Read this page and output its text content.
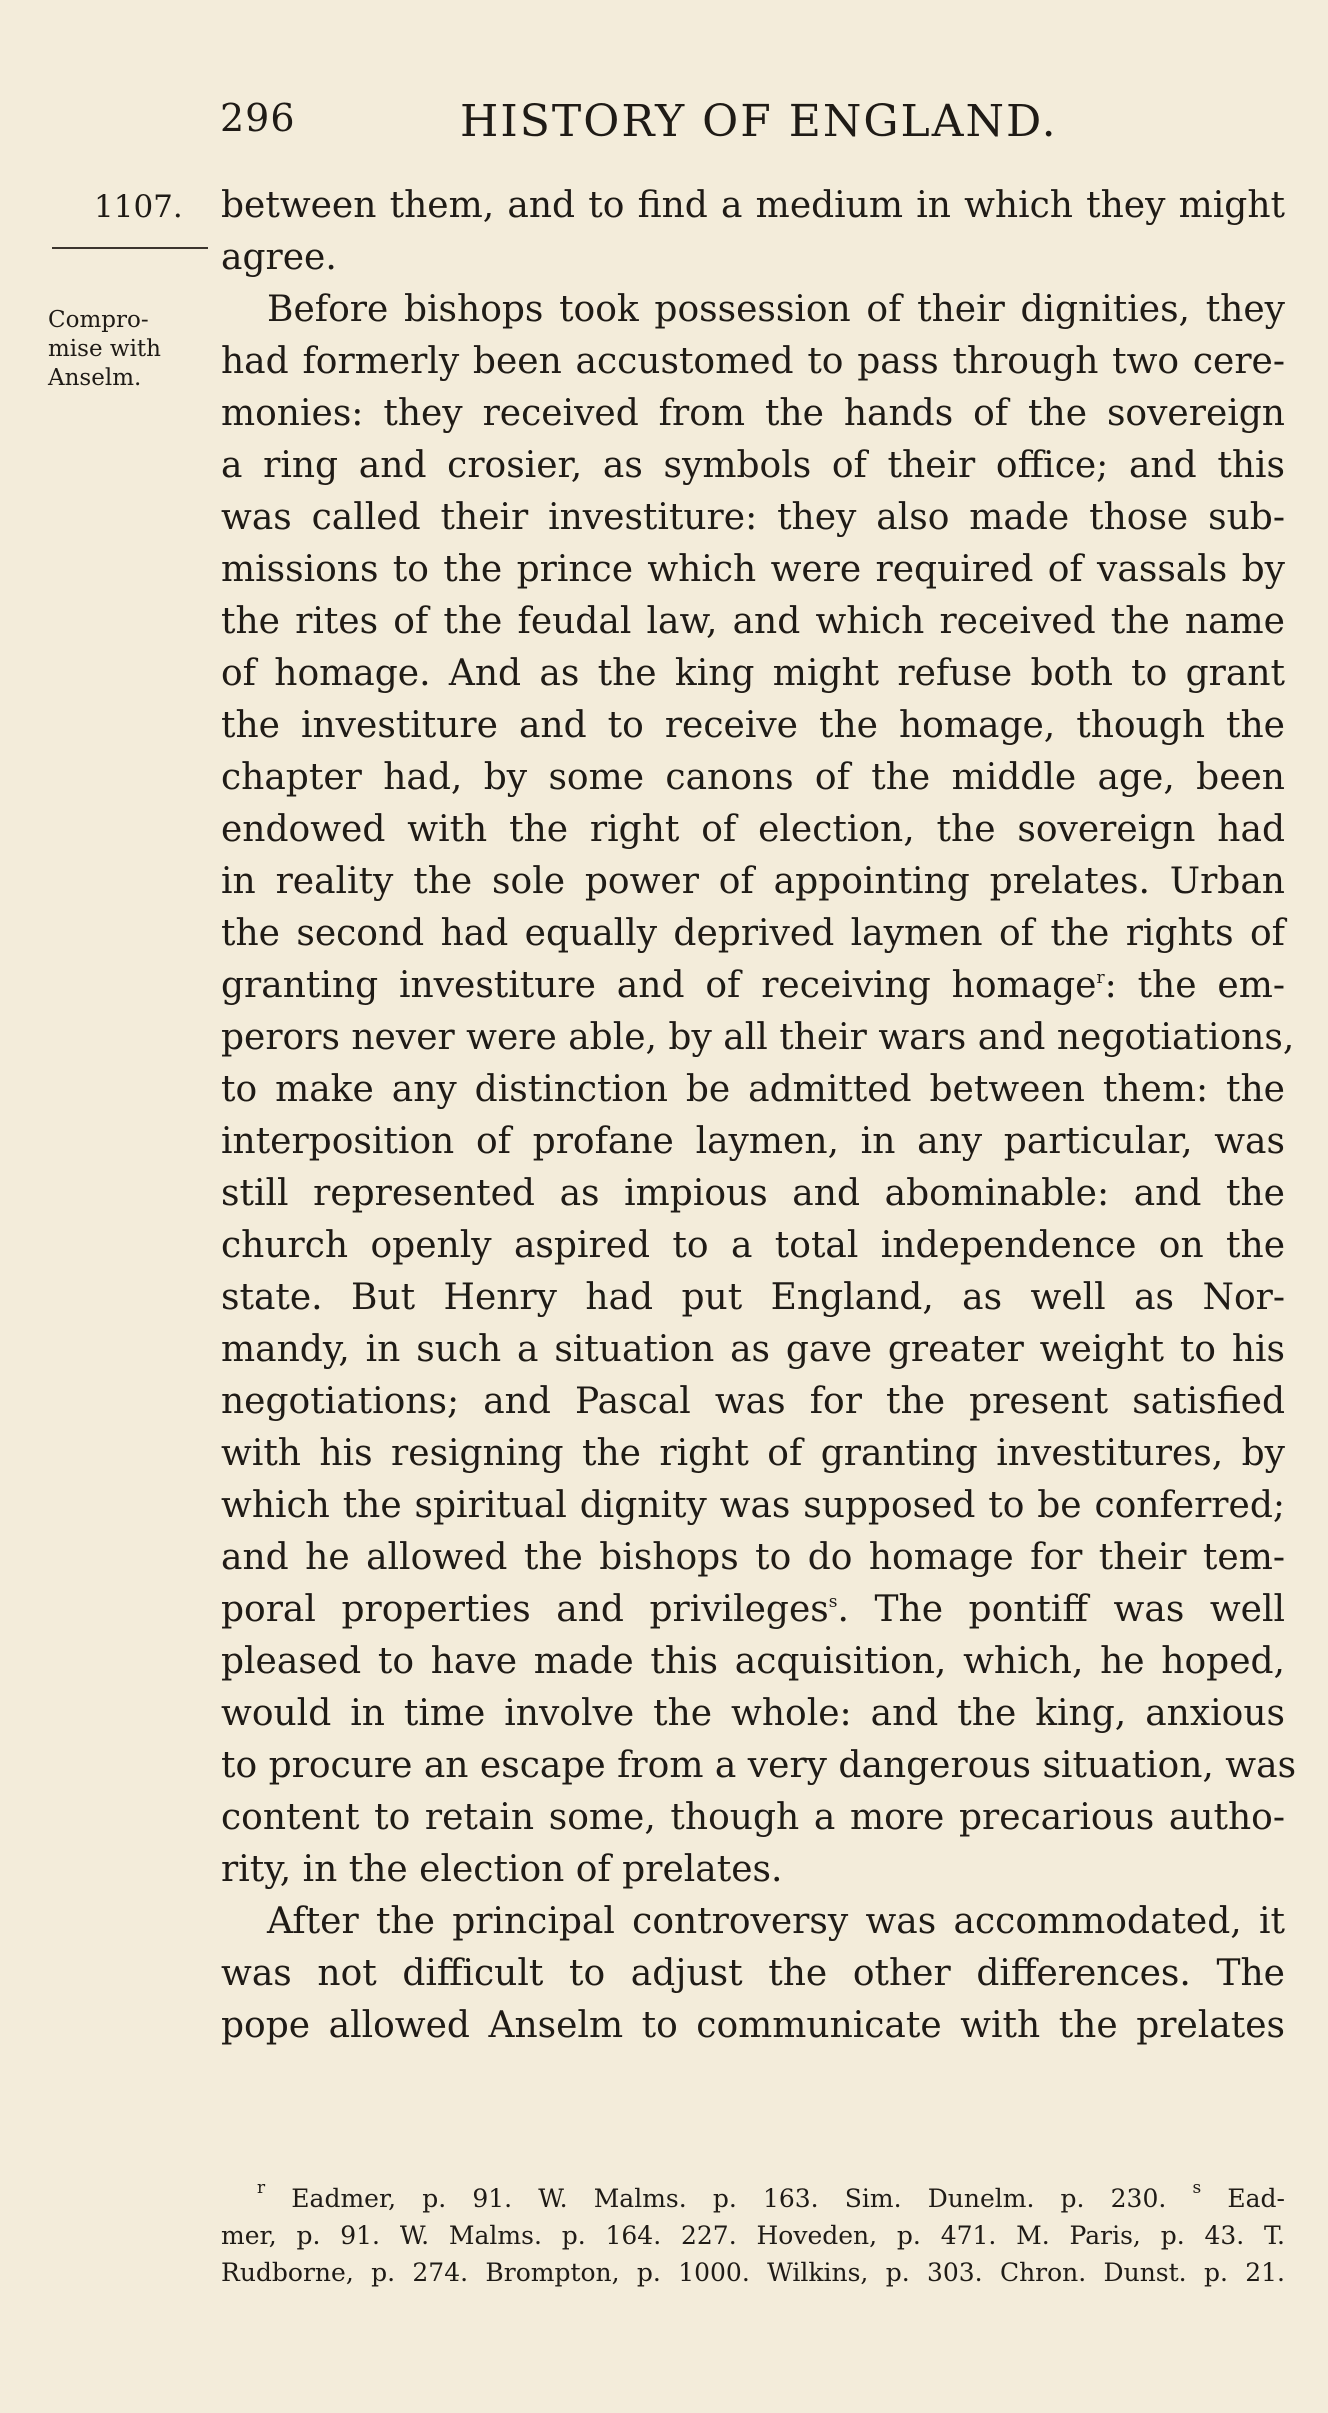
296	HISTORY OF ENGLAND.
1107.
Compro-
mise with
Anselm.
between them, and to find a medium in which they might
agree.
Before bishops took possession of their dignities, they
had formerly been accustomed to pass through two cere-
monies: they received from the hands of the sovereign
a ring and crosier, as symbols of their office; and this
was called their investiture: they also made those sub-
missions to the prince which were required of vassals by
the rites of the feudal law, and which received the name
of homage. And as the king might refuse both to grant
the investiture and to receive the homage, though the
chapter had, by some canons of the middle age, been
endowed with the right of election, the sovereign had
in reality the sole power of appointing prelates. Urban
the second had equally deprived laymen of the rights of
granting investiture and of receiving homage$^r$: the em-
perors never were able, by all their wars and negotiations,
to make any distinction be admitted between them: the
interposition of profane laymen, in any particular, was
still represented as impious and abominable: and the
church openly aspired to a total independence on the
state. But Henry had put England, as well as Nor-
mandy, in such a situation as gave greater weight to his
negotiations; and Pascal was for the present satisfied
with his resigning the right of granting investitures, by
which the spiritual dignity was supposed to be conferred;
and he allowed the bishops to do homage for their tem-
poral properties and privileges$^s$. The pontiff was well
pleased to have made this acquisition, which, he hoped,
would in time involve the whole: and the king, anxious
to procure an escape from a very dangerous situation, was
content to retain some, though a more precarious autho-
rity, in the election of prelates.
After the principal controversy was accommodated, it
was not difficult to adjust the other differences. The
pope allowed Anselm to communicate with the prelates
$^r$ Eadmer, p. 91. W. Malms. p. 163. Sim. Dunelm. p. 230. $^s$ Ead-
mer, p. 91. W. Malms. p. 164. 227. Hoveden, p. 471. M. Paris, p. 43. T.
Rudborne, p. 274. Brompton, p. 1000. Wilkins, p. 303. Chron. Dunst. p. 21.
